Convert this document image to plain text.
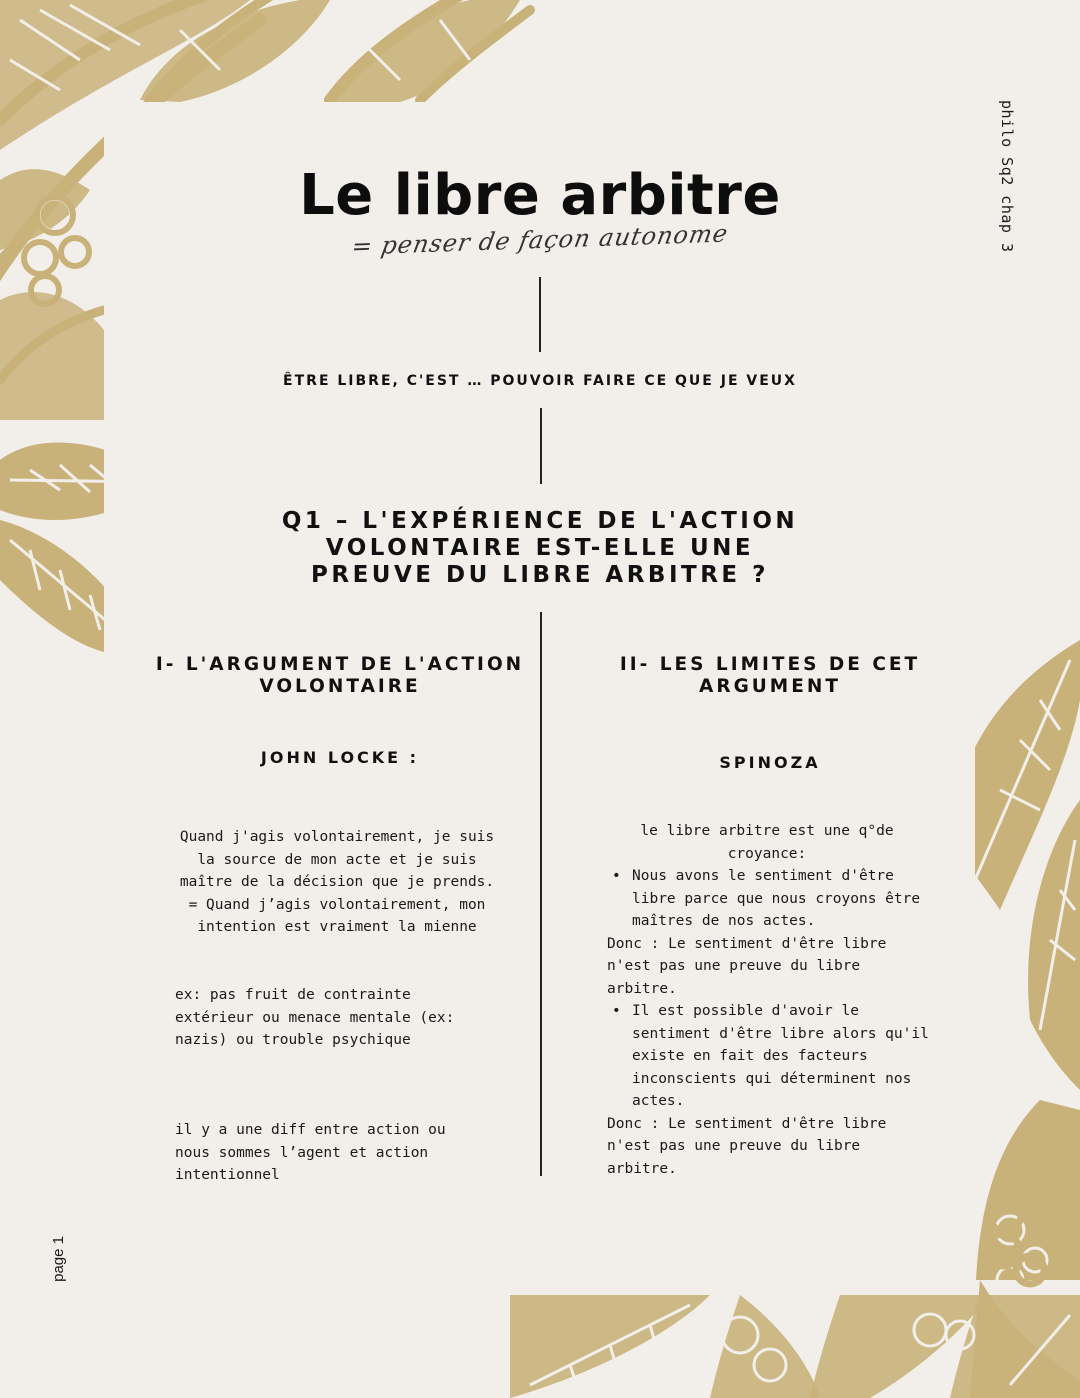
philo Sq2 chap 3
page 1
Le libre arbitre
= penser de façon autonome
ÊTRE LIBRE, C'EST … POUVOIR FAIRE CE QUE JE VEUX
Q1 – L'EXPÉRIENCE DE L'ACTION VOLONTAIRE EST-ELLE UNE PREUVE DU LIBRE ARBITRE ?
I- L'ARGUMENT DE L'ACTION
VOLONTAIRE
JOHN LOCKE :
Quand j'agis volontairement, je suis la source de mon acte et je suis maître de la décision que je prends.
= Quand j’agis volontairement, mon intention est vraiment la mienne
ex: pas fruit de contrainte extérieur ou menace mentale (ex: nazis) ou trouble psychique
il y a une diff entre action ou nous sommes l’agent et action intentionnel
II- LES LIMITES DE CET
ARGUMENT
SPINOZA
le libre arbitre est une q°de croyance:
• Nous avons le sentiment d'être libre parce que nous croyons être maîtres de nos actes.
Donc : Le sentiment d'être libre n'est pas une preuve du libre arbitre.
• Il est possible d'avoir le sentiment d'être libre alors qu'il existe en fait des facteurs inconscients qui déterminent nos actes.
Donc : Le sentiment d'être libre n'est pas une preuve du libre arbitre.
